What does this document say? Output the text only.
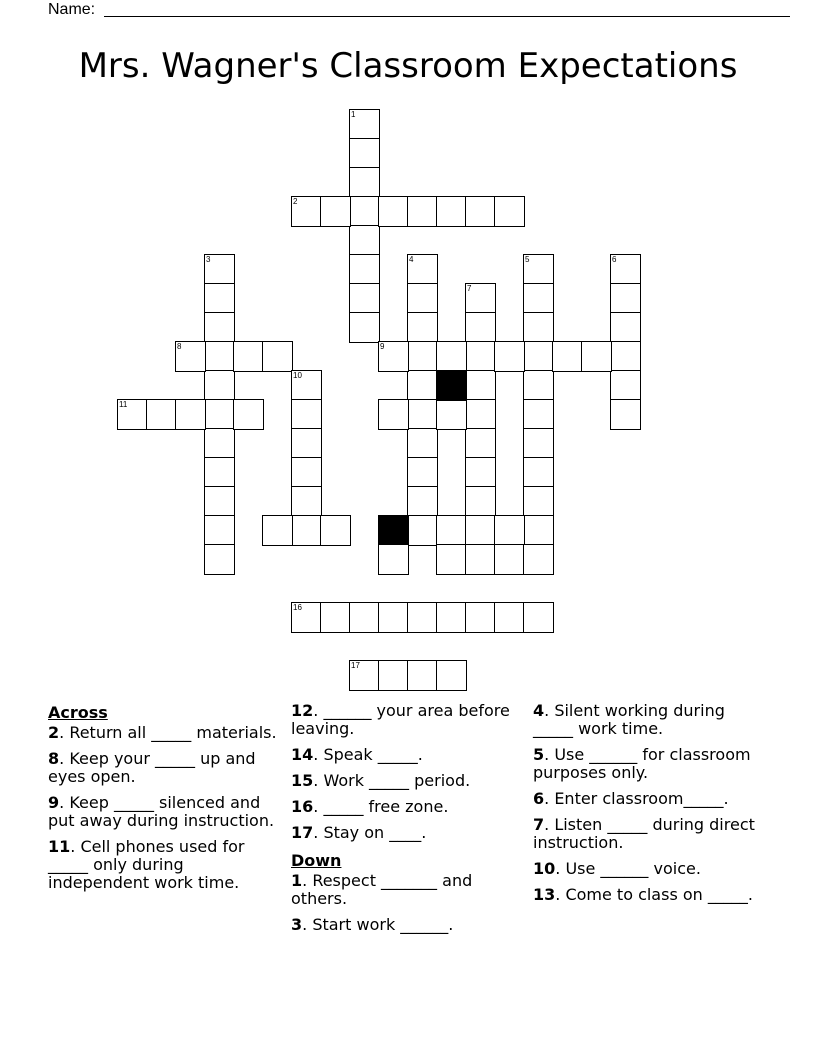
Name:
Mrs. Wagner's Classroom Expectations
1
2
3	4	5	6
7
8	9
10
11
16
17
Across
2. Return all _____ materials.
8. Keep your _____ up and eyes open.
9. Keep _____ silenced and put away during instruction.
11. Cell phones used for _____ only during independent work time.
12. ______ your area before leaving.
14. Speak _____.
15. Work _____ period.
16. _____ free zone.
17. Stay on ____.
Down
1. Respect _______ and others.
3. Start work ______.
4. Silent working during _____ work time.
5. Use ______ for classroom purposes only.
6. Enter classroom_____.
7. Listen _____ during direct instruction.
10. Use ______ voice.
13. Come to class on _____.
